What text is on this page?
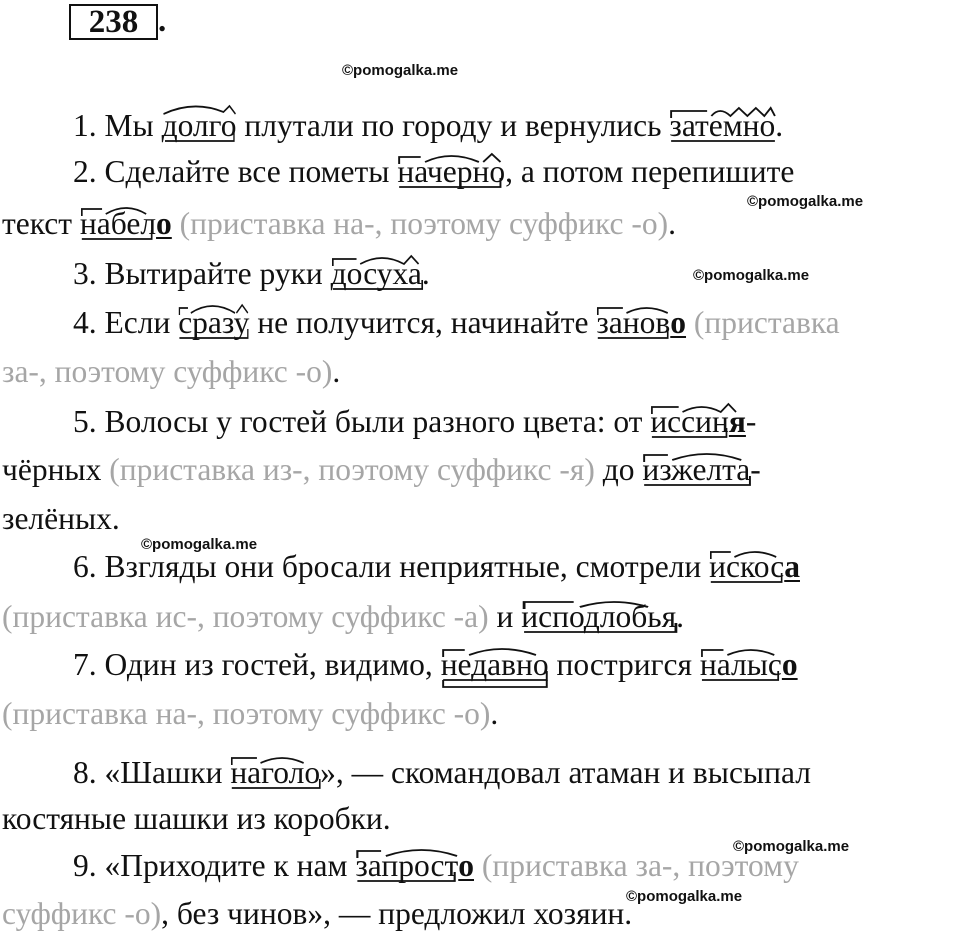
238 .
©pomogalka.me
©pomogalka.me
©pomogalka.me
©pomogalka.me
©pomogalka.me
©pomogalka.me
1. Мы долго
плутали по городу и вернулись затемно
.
2. Сделайте все пометы начерно
, а потом перепишите
текст набело
(приставка на-, поэтому суффикс -о).
3. Вытирайте руки досуха
.
4. Если сразу
не получится, начинайте заново
(приставка
за-, поэтому суффикс -о).
5. Волосы у гостей были разного цвета: от иссиня
-
чёрных (приставка из-, поэтому суффикс -я) до изжелта
-
зелёных.
6. Взгляды они бросали неприятные, смотрели искоса
(приставка ис-, поэтому суффикс -а) и исподлобья
.
7. Один из гостей, видимо, недавно
постригся налысо
(приставка на-, поэтому суффикс -о).
8. «Шашки наголо
», — скомандовал атаман и высыпал
костяные шашки из коробки.
9. «Приходите к нам запросто
(приставка за-, поэтому
суффикс -о), без чинов», — предложил хозяин.
